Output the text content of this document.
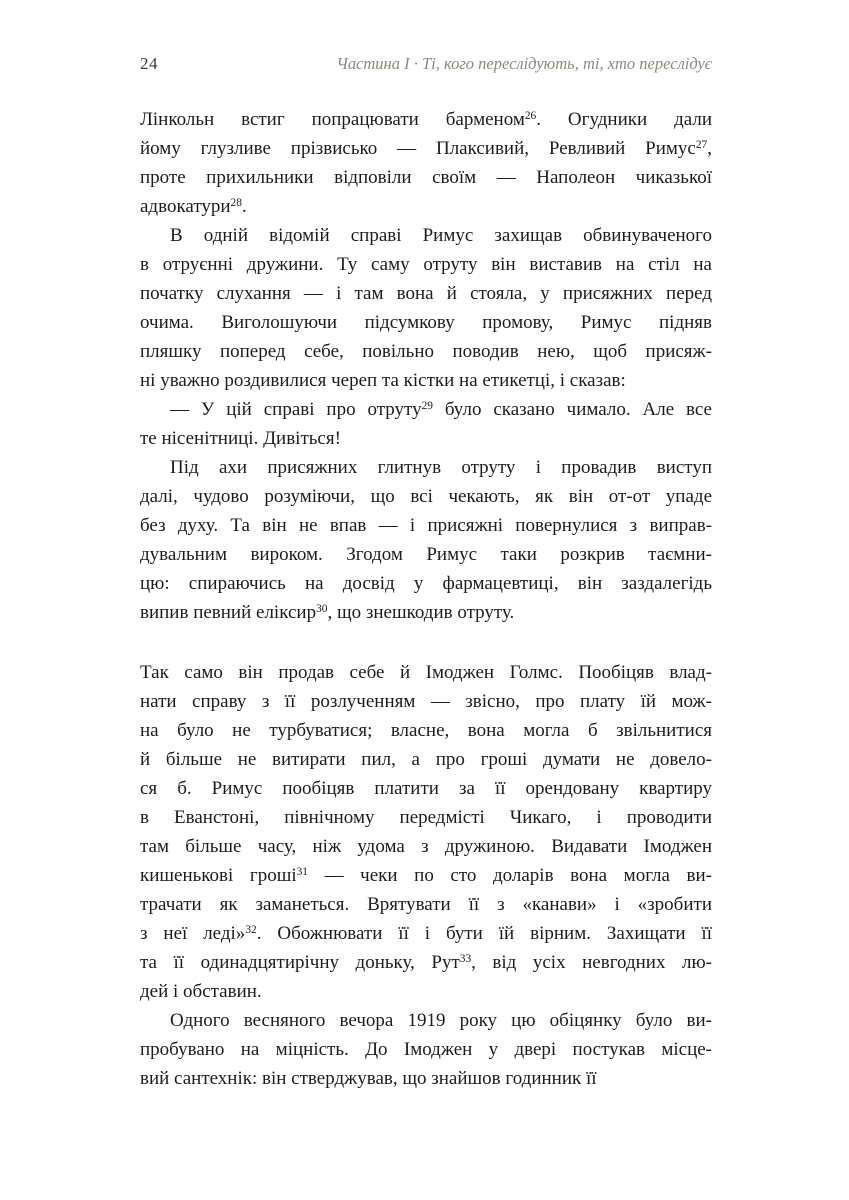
24	Частина I · Ті, кого переслідують, ті, хто переслідує
Лінкольн встиг попрацювати барменом$^{26}$. Огудники дали
йому глузливе прізвисько — Плаксивий, Ревливий Римус$^{27}$,
проте прихильники відповіли своїм — Наполеон чиказької
адвокатури$^{28}$.
В одній відомій справі Римус захищав обвинуваченого
в отруєнні дружини. Ту саму отруту він виставив на стіл на
початку слухання — і там вона й стояла, у присяжних перед
очима. Виголошуючи підсумкову промову, Римус підняв
пляшку поперед себе, повільно поводив нею, щоб присяж-
ні уважно роздивилися череп та кістки на етикетці, і сказав:
— У цій справі про отруту$^{29}$ було сказано чимало. Але все
те нісенітниці. Дивіться!
Під ахи присяжних глитнув отруту і провадив виступ
далі, чудово розуміючи, що всі чекають, як він от-от упаде
без духу. Та він не впав — і присяжні повернулися з виправ-
дувальним вироком. Згодом Римус таки розкрив таємни-
цю: спираючись на досвід у фармацевтиці, він заздалегідь
випив певний еліксир$^{30}$, що знешкодив отруту.
Так само він продав себе й Імоджен Голмс. Пообіцяв влад-
нати справу з її розлученням — звісно, про плату їй мож-
на було не турбуватися; власне, вона могла б звільнитися
й більше не витирати пил, а про гроші думати не довело-
ся б. Римус пообіцяв платити за її орендовану квартиру
в Еванстоні, північному передмісті Чикаго, і проводити
там більше часу, ніж удома з дружиною. Видавати Імоджен
кишенькові гроші$^{31}$ — чеки по сто доларів вона могла ви-
трачати як заманеться. Врятувати її з «канави» і «зробити
з неї леді»$^{32}$. Обожнювати її і бути їй вірним. Захищати її
та її одинадцятирічну доньку, Рут$^{33}$, від усіх невгодних лю-
дей і обставин.
Одного весняного вечора 1919 року цю обіцянку було ви-
пробувано на міцність. До Імоджен у двері постукав місце-
вий сантехнік: він стверджував, що знайшов годинник її
